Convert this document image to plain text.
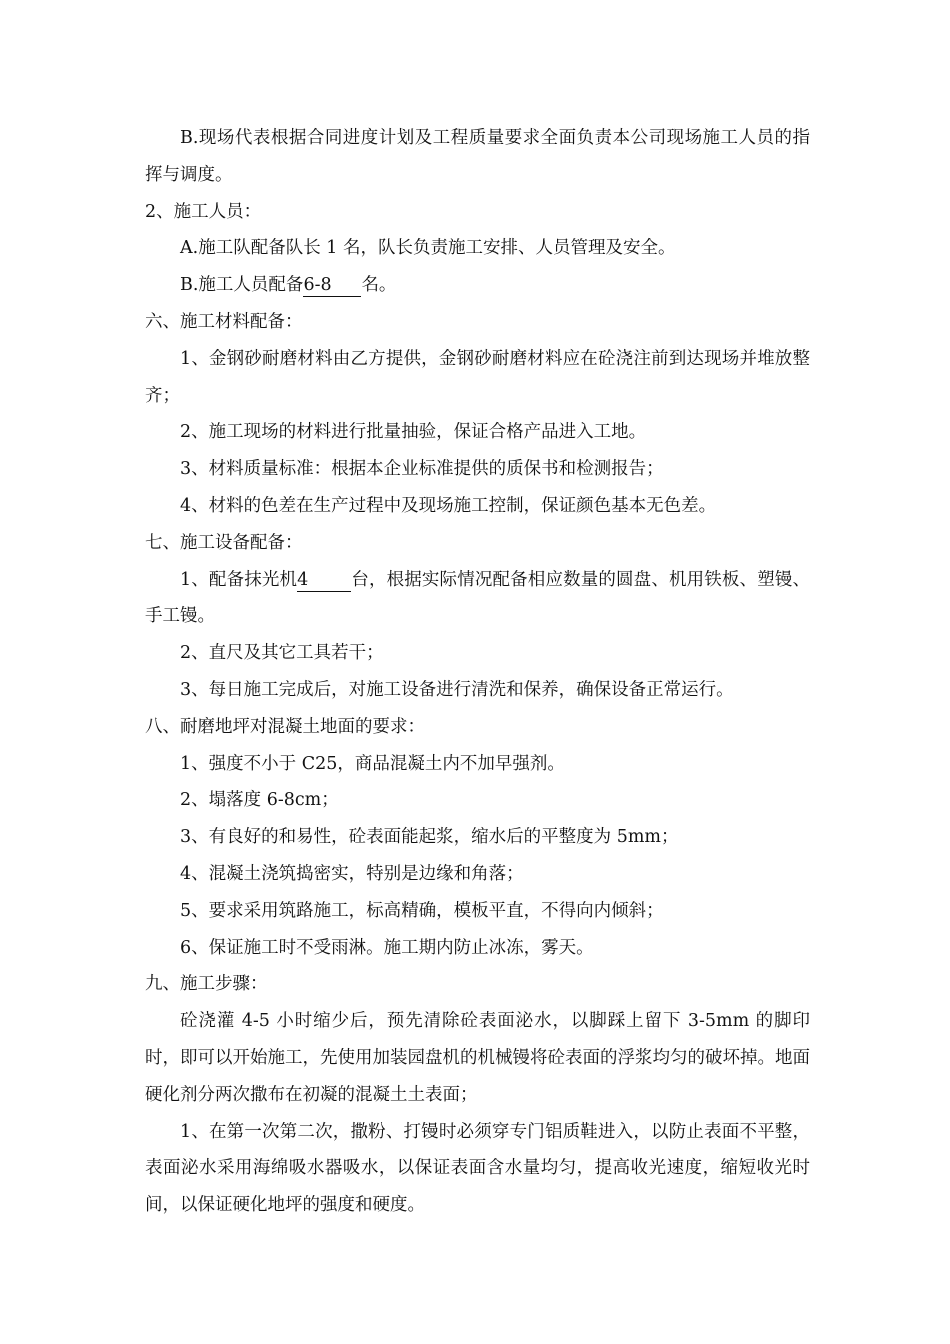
B.现场代表根据合同进度计划及工程质量要求全面负责本公司现场施工人员的指挥与调度。

2、施工人员：

A.施工队配备队长 1 名，队长负责施工安排、人员管理及安全。

B.施工人员配备6-8 名。

六、施工材料配备：

1、金钢砂耐磨材料由乙方提供，金钢砂耐磨材料应在砼浇注前到达现场并堆放整齐；

2、施工现场的材料进行批量抽验，保证合格产品进入工地。

3、材料质量标准：根据本企业标准提供的质保书和检测报告；

4、材料的色差在生产过程中及现场施工控制，保证颜色基本无色差。

七、施工设备配备：

1、配备抹光机4 台，根据实际情况配备相应数量的圆盘、机用铁板、塑镘、手工镘。

2、直尺及其它工具若干；

3、每日施工完成后，对施工设备进行清洗和保养，确保设备正常运行。

八、耐磨地坪对混凝土地面的要求：

1、强度不小于 C25，商品混凝土内不加早强剂。

2、塌落度 6-8cm；

3、有良好的和易性，砼表面能起浆，缩水后的平整度为 5mm；

4、混凝土浇筑捣密实，特别是边缘和角落；

5、要求采用筑路施工，标高精确，模板平直，不得向内倾斜；

6、保证施工时不受雨淋。施工期内防止冰冻，雾天。

九、施工步骤：

砼浇灌 4-5 小时缩少后，预先清除砼表面泌水，以脚踩上留下 3-5mm 的脚印时，即可以开始施工，先使用加装园盘机的机械镘将砼表面的浮浆均匀的破坏掉。地面硬化剂分两次撒布在初凝的混凝土土表面；

1、在第一次第二次，撒粉、打镘时必须穿专门铝质鞋进入，以防止表面不平整，表面泌水采用海绵吸水器吸水，以保证表面含水量均匀，提高收光速度，缩短收光时间，以保证硬化地坪的强度和硬度。
